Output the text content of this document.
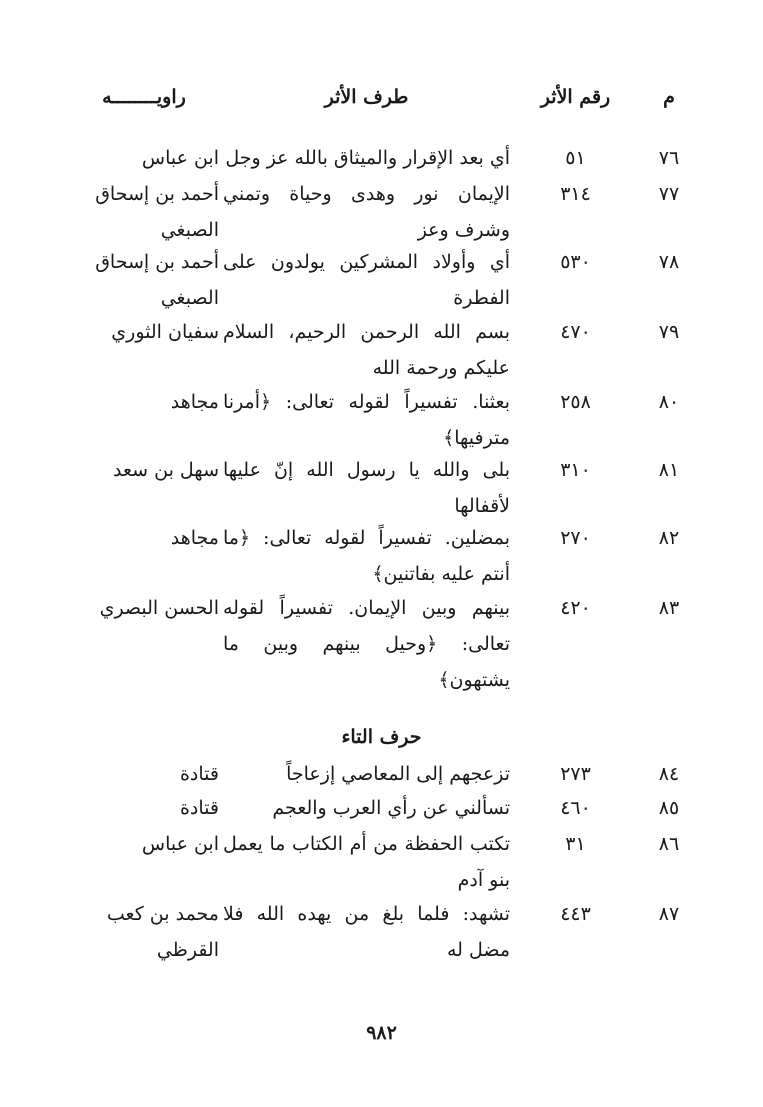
م
رقم الأثر
طرف الأثر
راويــــــــه
٧٦
٥١
أي بعد الإقرار والميثاق بالله عز وجل
ابن عباس
٧٧
٣١٤
الإيمان نور وهدى وحياة وتمني وشرف وعز
أحمد بن إسحاق الصبغي
٧٨
٥٣٠
أي وأولاد المشركين يولدون على الفطرة
أحمد بن إسحاق الصبغي
٧٩
٤٧٠
بسم الله الرحمن الرحيم، السلام عليكم ورحمة الله
سفيان الثوري
٨٠
٢٥٨
بعثنا. تفسيراً لقوله تعالى: ﴿أمرنا مترفيها﴾
مجاهد
٨١
٣١٠
بلى والله يا رسول الله إنّ عليها لأقفالها
سهل بن سعد
٨٢
٢٧٠
بمضلين. تفسيراً لقوله تعالى: ﴿ما أنتم عليه بفاتنين﴾
مجاهد
٨٣
٤٢٠
بينهم وبين الإيمان. تفسيراً لقوله تعالى: ﴿وحيل بينهم وبين ما يشتهون﴾
الحسن البصري
حرف التاء
٨٤
٢٧٣
تزعجهم إلى المعاصي إزعاجاً
قتادة
٨٥
٤٦٠
تسألني عن رأي العرب والعجم
قتادة
٨٦
٣١
تكتب الحفظة من أم الكتاب ما يعمل بنو آدم
ابن عباس
٨٧
٤٤٣
تشهد: فلما بلغ من يهده الله فلا مضل له
محمد بن كعب القرظي
٩٨٢
